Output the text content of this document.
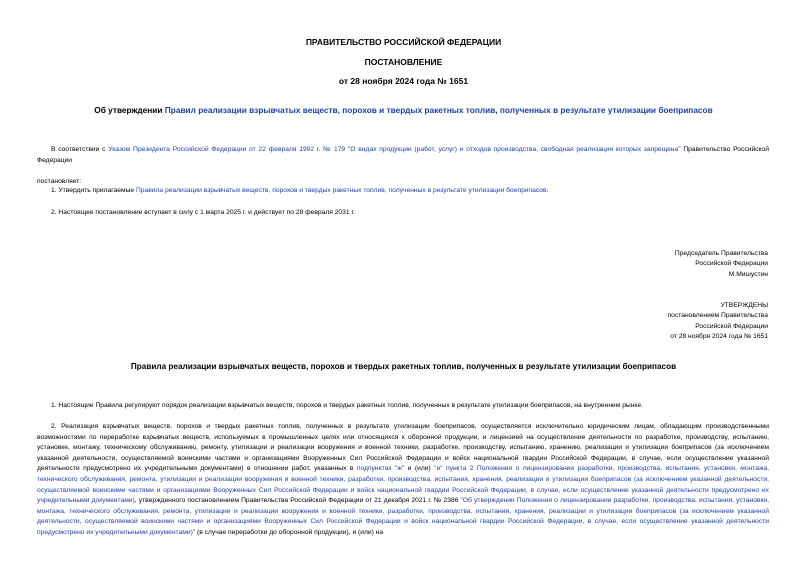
ПРАВИТЕЛЬСТВО РОССИЙСКОЙ ФЕДЕРАЦИИ
ПОСТАНОВЛЕНИЕ
от 28 ноября 2024 года № 1651
Об утверждении Правил реализации взрывчатых веществ, порохов и твердых ракетных топлив, полученных в результате утилизации боеприпасов
В соответствии с Указом Президента Российской Федерации от 22 февраля 1992 г. № 179 "О видах продукции (работ, услуг) и отходов производства, свободная реализация которых запрещена" Правительство Российской Федерации
постановляет:
1. Утвердить прилагаемые Правила реализации взрывчатых веществ, порохов и твердых ракетных топлив, полученных в результате утилизации боеприпасов.
2. Настоящее постановление вступает в силу с 1 марта 2025 г. и действует по 28 февраля 2031 г.
Председатель Правительства
Российской Федерации
М.Мишустин
УТВЕРЖДЕНЫ
постановлением Правительства
Российской Федерации
от 28 ноября 2024 года № 1651
Правила реализации взрывчатых веществ, порохов и твердых ракетных топлив, полученных в результате утилизации боеприпасов
1. Настоящие Правила регулируют порядок реализации взрывчатых веществ, порохов и твердых ракетных топлив, полученных в результате утилизации боеприпасов, на внутреннем рынке.
2. Реализация взрывчатых веществ, порохов и твердых ракетных топлив, полученных в результате утилизации боеприпасов, осуществляется исключительно юридическим лицам, обладающим производственными возможностями по переработке взрывчатых веществ, используемых в промышленных целях или относящихся к оборонной продукции, и лицензией на осуществление деятельности по разработке, производству, испытанию, установке, монтажу, техническому обслуживанию, ремонту, утилизации и реализации вооружения и военной техники, разработке, производству, испытанию, хранению, реализации и утилизации боеприпасов (за исключением указанной деятельности, осуществляемой воинскими частями и организациями Вооруженных Сил Российской Федерации и войск национальной гвардии Российской Федерации, в случае, если осуществление указанной деятельности предусмотрено их учредительными документами) в отношении работ, указанных в подпунктах "ж" и (или) "и" пункта 2 Положения о лицензировании разработки, производства, испытания, установки, монтажа, технического обслуживания, ремонта, утилизации и реализации вооружения и военной техники, разработки, производства, испытания, хранения, реализации и утилизации боеприпасов (за исключением указанной деятельности, осуществляемой воинскими частями и организациями Вооруженных Сил Российской Федерации и войск национальной гвардии Российской Федерации, в случае, если осуществление указанной деятельности предусмотрено их учредительными документами), утвержденного постановлением Правительства Российской Федерации от 21 декабря 2021 г. № 2386 "Об утверждении Положения о лицензировании разработки, производства, испытания, установки, монтажа, технического обслуживания, ремонта, утилизации и реализации вооружения и военной техники, разработки, производства, испытания, хранения, реализации и утилизации боеприпасов (за исключением указанной деятельности, осуществляемой воинскими частями и организациями Вооруженных Сил Российской Федерации и войск национальной гвардии Российской Федерации, в случае, если осуществление указанной деятельности предусмотрено их учредительными документами)" (в случае переработки до оборонной продукции), и (или) на
